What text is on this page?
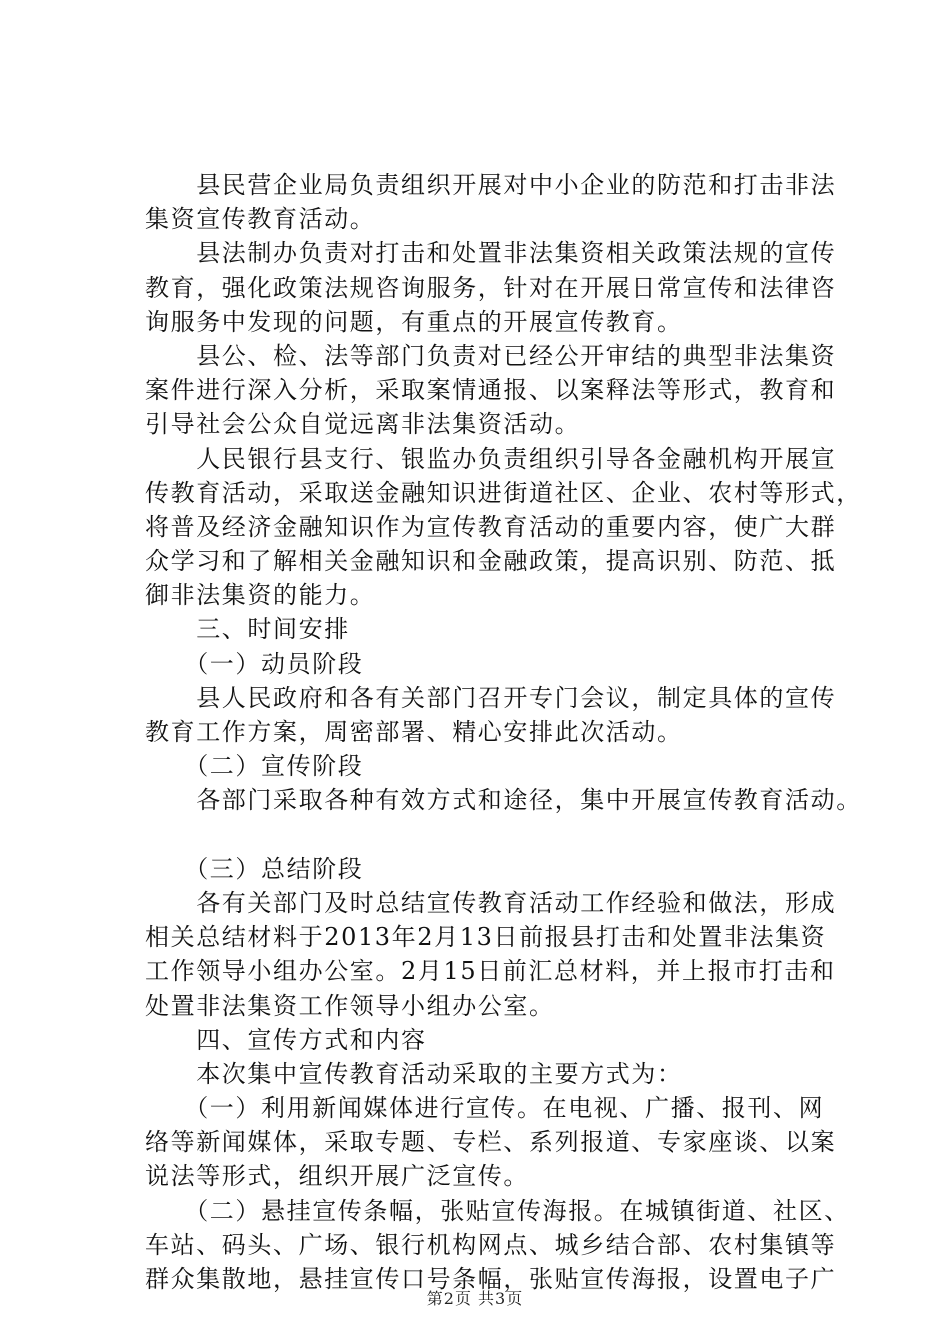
　　县民营企业局负责组织开展对中小企业的防范和打击非法
集资宣传教育活动。
　　县法制办负责对打击和处置非法集资相关政策法规的宣传
教育，强化政策法规咨询服务，针对在开展日常宣传和法律咨
询服务中发现的问题，有重点的开展宣传教育。
　　县公、检、法等部门负责对已经公开审结的典型非法集资
案件进行深入分析，采取案情通报、以案释法等形式，教育和
引导社会公众自觉远离非法集资活动。
　　人民银行县支行、银监办负责组织引导各金融机构开展宣
传教育活动，采取送金融知识进街道社区、企业、农村等形式，
将普及经济金融知识作为宣传教育活动的重要内容，使广大群
众学习和了解相关金融知识和金融政策，提高识别、防范、抵
御非法集资的能力。
　　三、时间安排
　　（一）动员阶段
　　县人民政府和各有关部门召开专门会议，制定具体的宣传
教育工作方案，周密部署、精心安排此次活动。
　　（二）宣传阶段
　　各部门采取各种有效方式和途径，集中开展宣传教育活动。
　　（三）总结阶段
　　各有关部门及时总结宣传教育活动工作经验和做法，形成
相关总结材料于2013年2月13日前报县打击和处置非法集资
工作领导小组办公室。2月15日前汇总材料，并上报市打击和
处置非法集资工作领导小组办公室。
　　四、宣传方式和内容
　　本次集中宣传教育活动采取的主要方式为：
　　（一）利用新闻媒体进行宣传。在电视、广播、报刊、网
络等新闻媒体，采取专题、专栏、系列报道、专家座谈、以案
说法等形式，组织开展广泛宣传。
　　（二）悬挂宣传条幅，张贴宣传海报。在城镇街道、社区、
车站、码头、广场、银行机构网点、城乡结合部、农村集镇等
群众集散地，悬挂宣传口号条幅，张贴宣传海报，设置电子广
第2页 共3页
